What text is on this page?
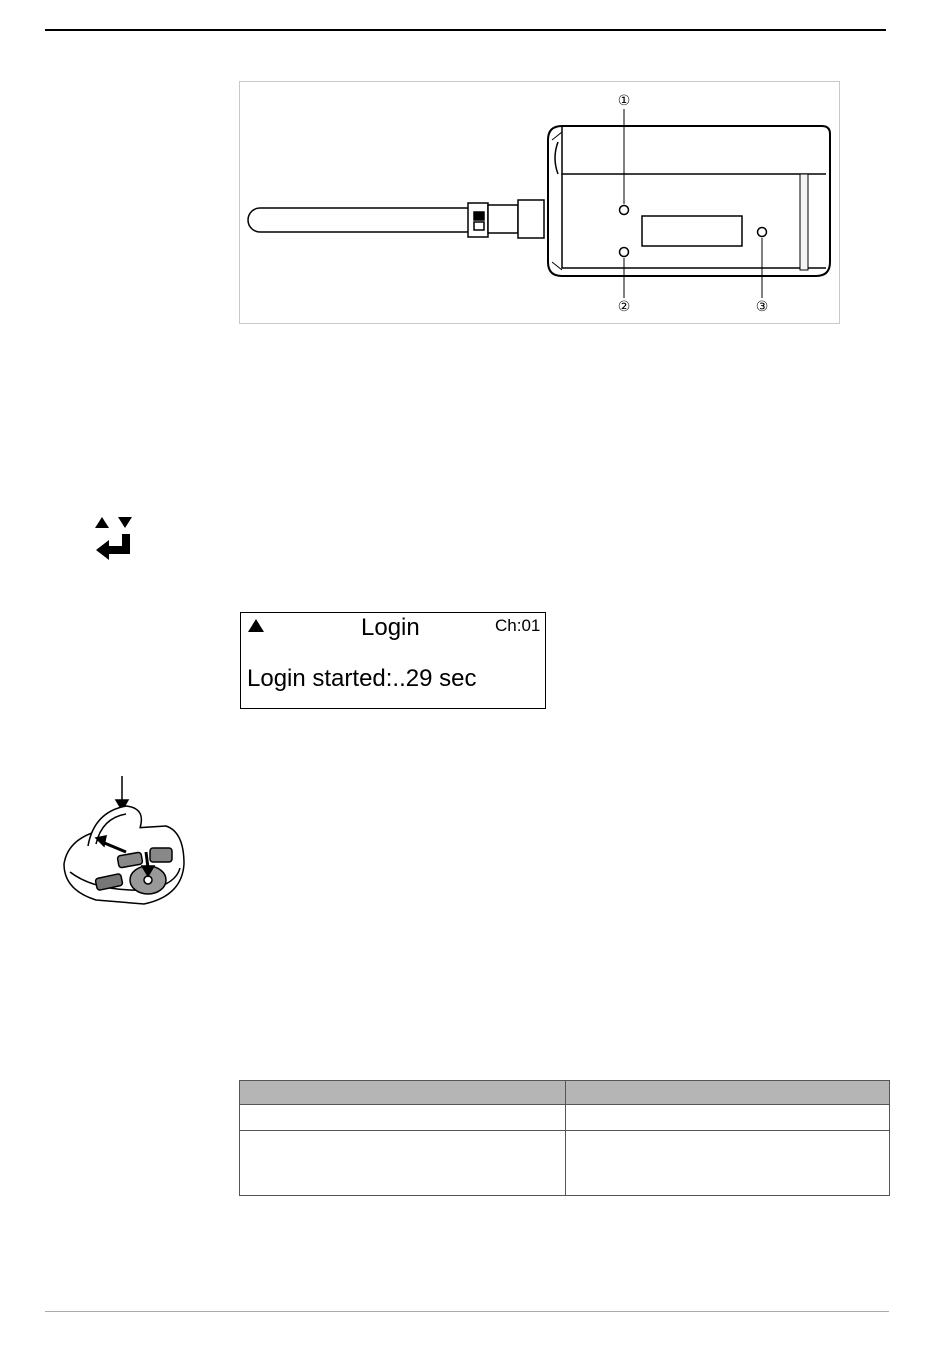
①
②	③
Login	Ch:01
Login started:..29 sec
